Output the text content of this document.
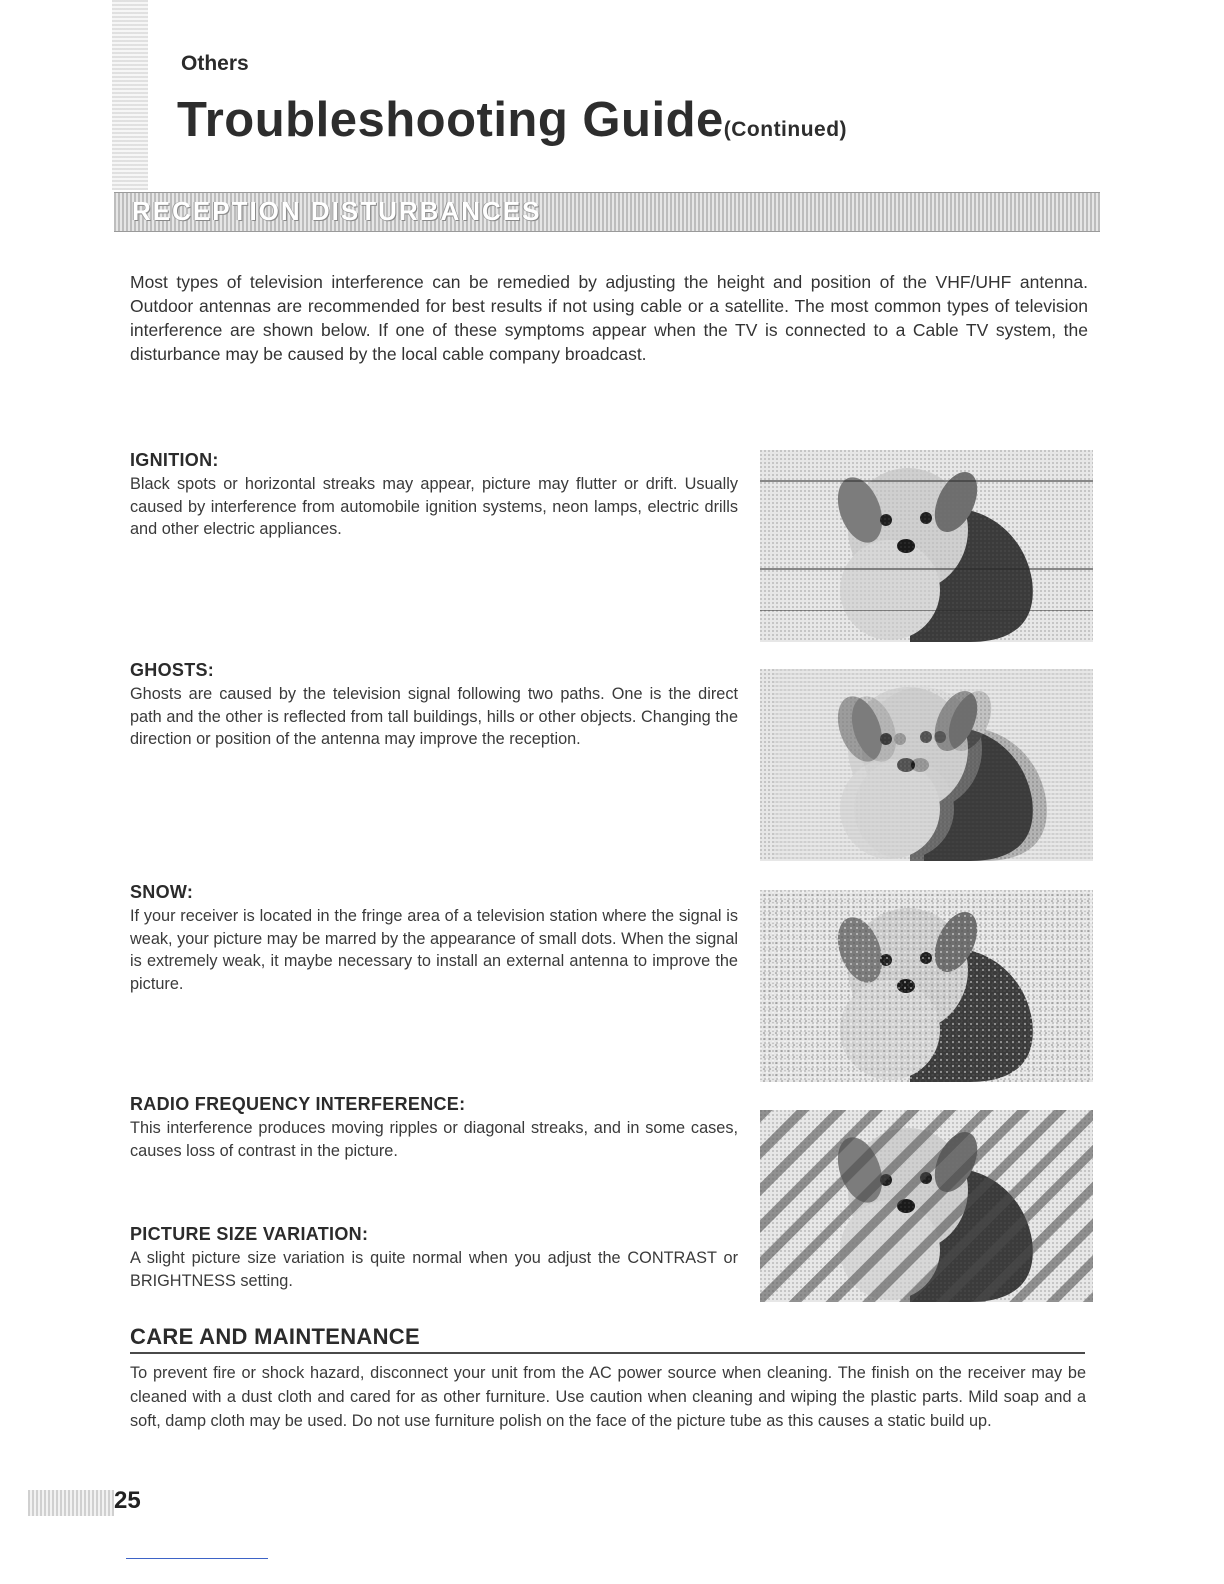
Others
Troubleshooting Guide(Continued)
RECEPTION DISTURBANCES
Most types of television interference can be remedied by adjusting the height and position of the VHF/UHF antenna. Outdoor antennas are recommended for best results if not using cable or a satellite. The most common types of television interference are shown below. If one of these symptoms appear when the TV is connected to a Cable TV system, the disturbance may be caused by the local cable company broadcast.
IGNITION:

Black spots or horizontal streaks may appear, picture may flutter or drift. Usually caused by interference from automobile ignition systems, neon lamps, electric drills and other electric appliances.

GHOSTS:

Ghosts are caused by the television signal following two paths. One is the direct path and the other is reflected from tall buildings, hills or other objects. Changing the direction or position of the antenna may improve the reception.

SNOW:

If your receiver is located in the fringe area of a television station where the signal is weak, your picture may be marred by the appearance of small dots. When the signal is extremely weak, it maybe necessary to install an external antenna to improve the picture.

RADIO FREQUENCY INTERFERENCE:

This interference produces moving ripples or diagonal streaks, and in some cases, causes loss of contrast in the picture.

PICTURE SIZE VARIATION:

A slight picture size variation is quite normal when you adjust the CONTRAST or BRIGHTNESS setting.

CARE AND MAINTENANCE
To prevent fire or shock hazard, disconnect your unit from the AC power source when cleaning. The finish on the receiver may be cleaned with a dust cloth and cared for as other furniture. Use caution when cleaning and wiping the plastic parts. Mild soap and a soft, damp cloth may be used. Do not use furniture polish on the face of the picture tube as this causes a static build up.
25
